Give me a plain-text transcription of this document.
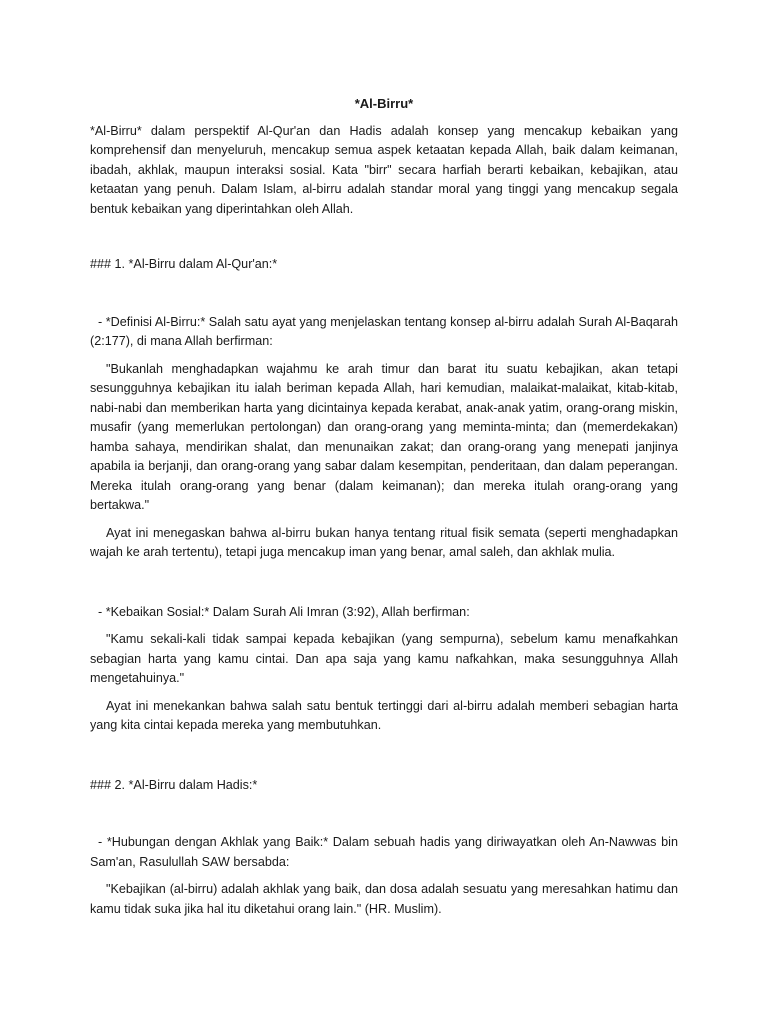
*Al-Birru*

*Al-Birru* dalam perspektif Al-Qur'an dan Hadis adalah konsep yang mencakup kebaikan yang komprehensif dan menyeluruh, mencakup semua aspek ketaatan kepada Allah, baik dalam keimanan, ibadah, akhlak, maupun interaksi sosial. Kata "birr" secara harfiah berarti kebaikan, kebajikan, atau ketaatan yang penuh. Dalam Islam, al-birru adalah standar moral yang tinggi yang mencakup segala bentuk kebaikan yang diperintahkan oleh Allah.

### 1. *Al-Birru dalam Al-Qur'an:*

- *Definisi Al-Birru:* Salah satu ayat yang menjelaskan tentang konsep al-birru adalah Surah Al-Baqarah (2:177), di mana Allah berfirman:

"Bukanlah menghadapkan wajahmu ke arah timur dan barat itu suatu kebajikan, akan tetapi sesungguhnya kebajikan itu ialah beriman kepada Allah, hari kemudian, malaikat-malaikat, kitab-kitab, nabi-nabi dan memberikan harta yang dicintainya kepada kerabat, anak-anak yatim, orang-orang miskin, musafir (yang memerlukan pertolongan) dan orang-orang yang meminta-minta; dan (memerdekakan) hamba sahaya, mendirikan shalat, dan menunaikan zakat; dan orang-orang yang menepati janjinya apabila ia berjanji, dan orang-orang yang sabar dalam kesempitan, penderitaan, dan dalam peperangan. Mereka itulah orang-orang yang benar (dalam keimanan); dan mereka itulah orang-orang yang bertakwa."

Ayat ini menegaskan bahwa al-birru bukan hanya tentang ritual fisik semata (seperti menghadapkan wajah ke arah tertentu), tetapi juga mencakup iman yang benar, amal saleh, dan akhlak mulia.

- *Kebaikan Sosial:* Dalam Surah Ali Imran (3:92), Allah berfirman:

"Kamu sekali-kali tidak sampai kepada kebajikan (yang sempurna), sebelum kamu menafkahkan sebagian harta yang kamu cintai. Dan apa saja yang kamu nafkahkan, maka sesungguhnya Allah mengetahuinya."

Ayat ini menekankan bahwa salah satu bentuk tertinggi dari al-birru adalah memberi sebagian harta yang kita cintai kepada mereka yang membutuhkan.

### 2. *Al-Birru dalam Hadis:*

- *Hubungan dengan Akhlak yang Baik:* Dalam sebuah hadis yang diriwayatkan oleh An-Nawwas bin Sam'an, Rasulullah SAW bersabda:

"Kebajikan (al-birru) adalah akhlak yang baik, dan dosa adalah sesuatu yang meresahkan hatimu dan kamu tidak suka jika hal itu diketahui orang lain." (HR. Muslim).
